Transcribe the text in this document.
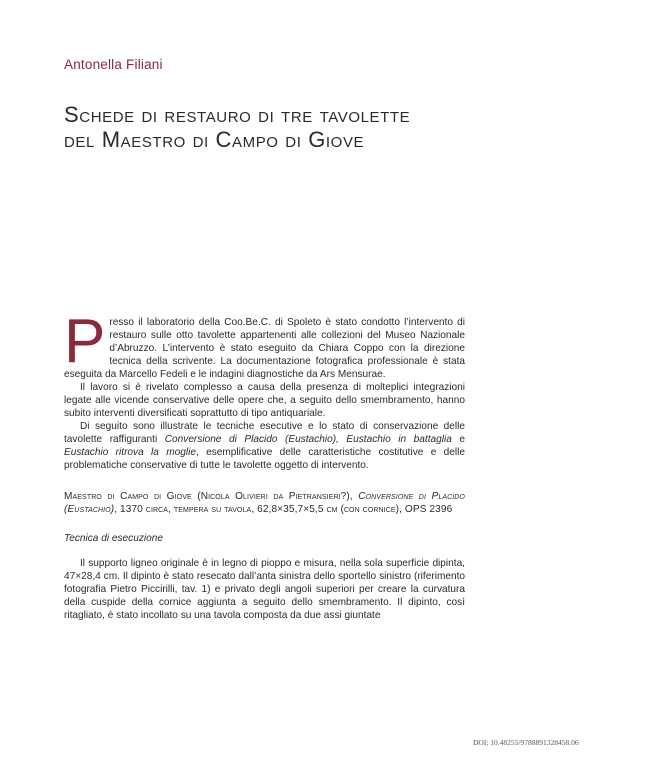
Antonella Filiani
Schede di restauro di tre tavolette
del Maestro di Campo di Giove

Presso il laboratorio della Coo.Be.C. di Spoleto è stato condotto l’intervento di restauro sulle otto tavolette appartenenti alle collezioni del Museo Nazionale d’Abruzzo. L’intervento è stato eseguito da Chiara Coppo con la direzione tecnica della scrivente. La documentazione fotografica professionale è stata eseguita da Marcello Fedeli e le indagini diagnostiche da Ars Mensurae.

Il lavoro si è rivelato complesso a causa della presenza di molteplici integrazioni legate alle vicende conservative delle opere che, a seguito dello smembramento, hanno subito interventi diversificati soprattutto di tipo antiquariale.

Di seguito sono illustrate le tecniche esecutive e lo stato di conservazione delle tavolette raffiguranti Conversione di Placido (Eustachio), Eustachio in battaglia e Eustachio ritrova la moglie, esemplificative delle caratteristiche costitutive e delle problematiche conservative di tutte le tavolette oggetto di intervento.

Maestro di Campo di Giove (Nicola Olivieri da Pietransieri?), Conversione di Placido (Eustachio), 1370 circa, tempera su tavola, 62,8×35,7×5,5 cm (con cornice), OPS 2396

Tecnica di esecuzione

Il supporto ligneo originale è in legno di pioppo e misura, nella sola superficie dipinta, 47×28,4 cm. Il dipinto è stato resecato dall’anta sinistra dello sportello sinistro (riferimento fotografia Pietro Piccirilli, tav. 1) e privato degli angoli superiori per creare la curvatura della cuspide della cornice aggiunta a seguito dello smembramento. Il dipinto, così ritagliato, è stato incollato su una tavola composta da due assi giuntate

DOI: 10.48255/9788891328458.06
